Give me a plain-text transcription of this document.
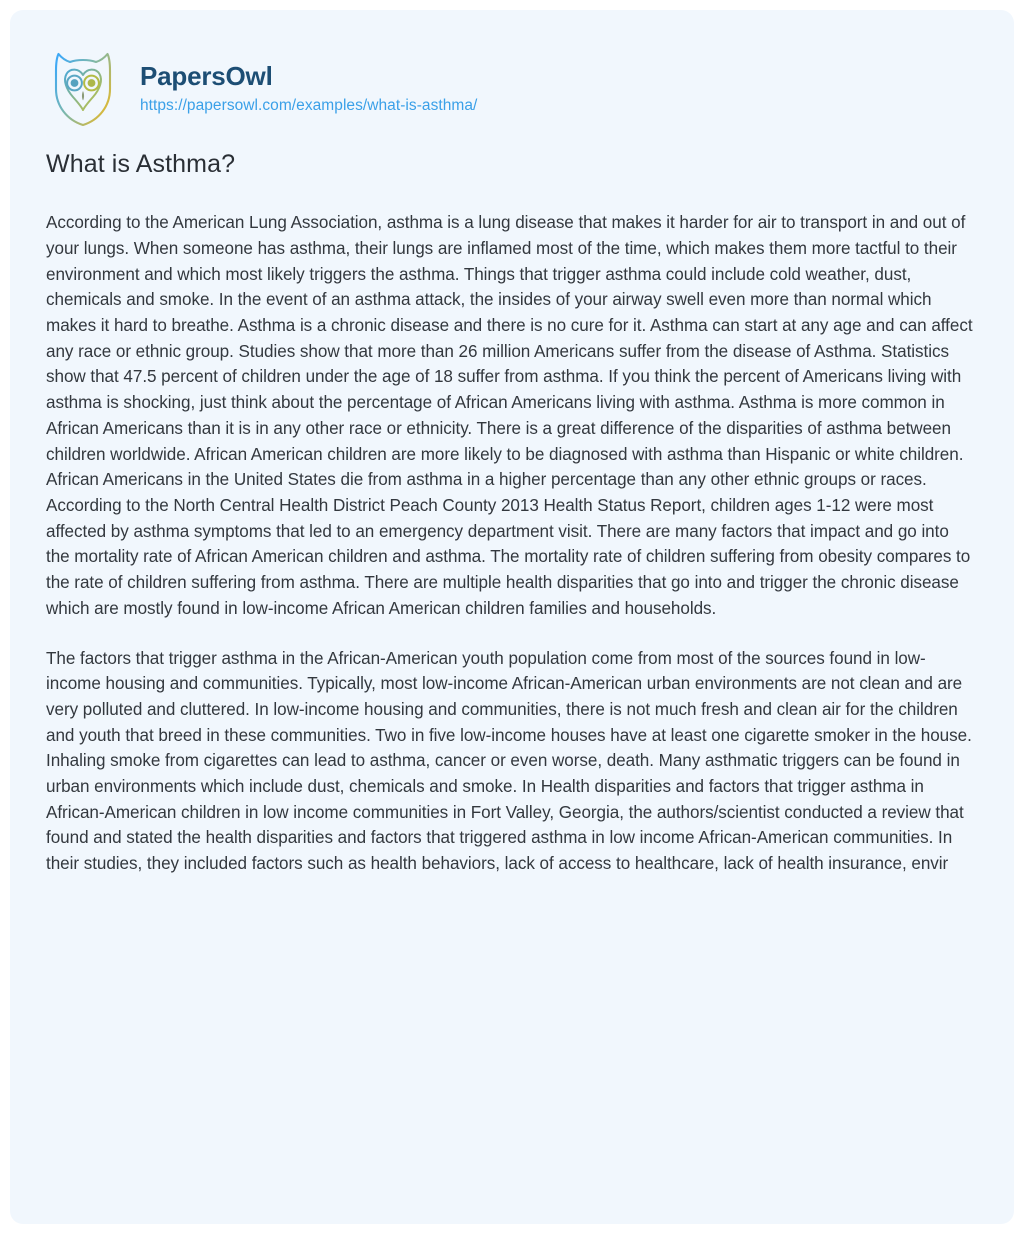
PapersOwl
https://papersowl.com/examples/what-is-asthma/
What is Asthma?

According to the American Lung Association, asthma is a lung disease that makes it harder for air to transport in and out of your lungs. When someone has asthma, their lungs are inflamed most of the time, which makes them more tactful to their environment and which most likely triggers the asthma. Things that trigger asthma could include cold weather, dust, chemicals and smoke. In the event of an asthma attack, the insides of your airway swell even more than normal which makes it hard to breathe. Asthma is a chronic disease and there is no cure for it. Asthma can start at any age and can affect any race or ethnic group. Studies show that more than 26 million Americans suffer from the disease of Asthma. Statistics show that 47.5 percent of children under the age of 18 suffer from asthma. If you think the percent of Americans living with asthma is shocking, just think about the percentage of African Americans living with asthma. Asthma is more common in African Americans than it is in any other race or ethnicity. There is a great difference of the disparities of asthma between children worldwide. African American children are more likely to be diagnosed with asthma than Hispanic or white children. African Americans in the United States die from asthma in a higher percentage than any other ethnic groups or races. According to the North Central Health District Peach County 2013 Health Status Report, children ages 1-12 were most affected by asthma symptoms that led to an emergency department visit. There are many factors that impact and go into the mortality rate of African American children and asthma. The mortality rate of children suffering from obesity compares to the rate of children suffering from asthma. There are multiple health disparities that go into and trigger the chronic disease which are mostly found in low-income African American children families and households.

The factors that trigger asthma in the African-American youth population come from most of the sources found in low-income housing and communities. Typically, most low-income African-American urban environments are not clean and are very polluted and cluttered. In low-income housing and communities, there is not much fresh and clean air for the children and youth that breed in these communities. Two in five low-income houses have at least one cigarette smoker in the house. Inhaling smoke from cigarettes can lead to asthma, cancer or even worse, death. Many asthmatic triggers can be found in urban environments which include dust, chemicals and smoke. In Health disparities and factors that trigger asthma in African-American children in low income communities in Fort Valley, Georgia, the authors/scientist conducted a review that found and stated the health disparities and factors that triggered asthma in low income African-American communities. In their studies, they included factors such as health behaviors, lack of access to healthcare, lack of health insurance, envir
